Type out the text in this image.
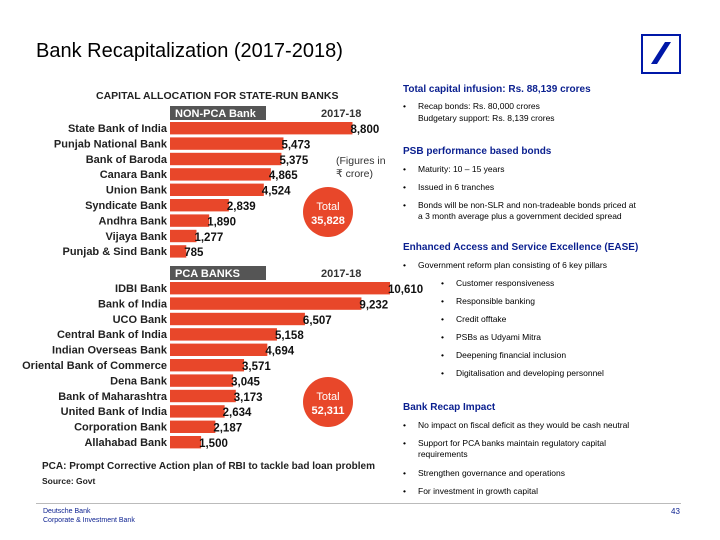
Bank Recapitalization (2017-2018)
CAPITAL ALLOCATION FOR STATE-RUN BANKS
NON-PCA Bank	2017-18
State Bank of India	8,800
Punjab National Bank	5,473
Bank of Baroda	5,375
Canara Bank	4,865
Union Bank	4,524
Syndicate Bank	2,839
Andhra Bank	1,890
Vijaya Bank 1,277
Punjab & Sind Bank 785
Total
35,828
PCA BANKS	2017-18
IDBI Bank	10,610
Bank of India	9,232
UCO Bank	6,507
Central Bank of India	5,158
Indian Overseas Bank	4,694
Oriental Bank of Commerce	3,571
Dena Bank	3,045
Bank of Maharashtra	3,173
United Bank of India	2,634
Corporation Bank	2,187
Allahabad Bank	1,500
Total
52,311
(Figures in
₹ crore)
PCA: Prompt Corrective Action plan of RBI to tackle bad loan problem
Source: Govt
Total capital infusion: Rs. 88,139 crores
• Recap bonds: Rs. 80,000 crores
Budgetary support: Rs. 8,139 crores
PSB performance based bonds
• Maturity: 10 – 15 years
• Issued in 6 tranches
• Bonds will be non-SLR and non-tradeable bonds priced at
a 3 month average plus a government decided spread
Enhanced Access and Service Excellence (EASE)
• Government reform plan consisting of 6 key pillars
• Customer responsiveness
• Responsible banking
• Credit offtake
• PSBs as Udyami Mitra
• Deepening financial inclusion
• Digitalisation and developing personnel
Bank Recap Impact
• No impact on fiscal deficit as they would be cash neutral
• Support for PCA banks maintain regulatory capital
requirements
• Strengthen governance and operations
• For investment in growth capital
Deutsche Bank
Corporate & Investment Bank
43
